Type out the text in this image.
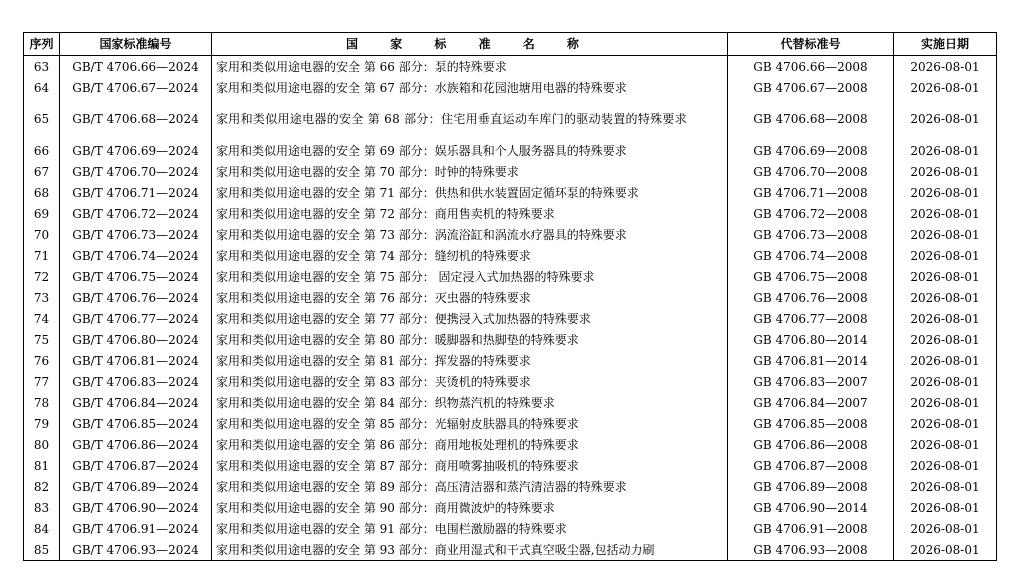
序列	国家标准编号	国 家 标 准 名 称	代替标准号	实施日期
63	GB/T 4706.66—2024	家用和类似用途电器的安全 第 66 部分：泵的特殊要求	GB 4706.66—2008	2026-08-01
64	GB/T 4706.67—2024	家用和类似用途电器的安全 第 67 部分：水族箱和花园池塘用电器的特殊要求	GB 4706.67—2008	2026-08-01
65	GB/T 4706.68—2024	家用和类似用途电器的安全 第 68 部分：住宅用垂直运动车库门的驱动装置的特殊要求	GB 4706.68—2008	2026-08-01
66	GB/T 4706.69—2024	家用和类似用途电器的安全 第 69 部分：娱乐器具和个人服务器具的特殊要求	GB 4706.69—2008	2026-08-01
67	GB/T 4706.70—2024	家用和类似用途电器的安全 第 70 部分：时钟的特殊要求	GB 4706.70—2008	2026-08-01
68	GB/T 4706.71—2024	家用和类似用途电器的安全 第 71 部分：供热和供水装置固定循环泵的特殊要求	GB 4706.71—2008	2026-08-01
69	GB/T 4706.72—2024	家用和类似用途电器的安全 第 72 部分：商用售卖机的特殊要求	GB 4706.72—2008	2026-08-01
70	GB/T 4706.73—2024	家用和类似用途电器的安全 第 73 部分：涡流浴缸和涡流水疗器具的特殊要求	GB 4706.73—2008	2026-08-01
71	GB/T 4706.74—2024	家用和类似用途电器的安全 第 74 部分：缝纫机的特殊要求	GB 4706.74—2008	2026-08-01
72	GB/T 4706.75—2024	家用和类似用途电器的安全 第 75 部分： 固定浸入式加热器的特殊要求	GB 4706.75—2008	2026-08-01
73	GB/T 4706.76—2024	家用和类似用途电器的安全 第 76 部分：灭虫器的特殊要求	GB 4706.76—2008	2026-08-01
74	GB/T 4706.77—2024	家用和类似用途电器的安全 第 77 部分：便携浸入式加热器的特殊要求	GB 4706.77—2008	2026-08-01
75	GB/T 4706.80—2024	家用和类似用途电器的安全 第 80 部分：暖脚器和热脚垫的特殊要求	GB 4706.80—2014	2026-08-01
76	GB/T 4706.81—2024	家用和类似用途电器的安全 第 81 部分：挥发器的特殊要求	GB 4706.81—2014	2026-08-01
77	GB/T 4706.83—2024	家用和类似用途电器的安全 第 83 部分：夹烫机的特殊要求	GB 4706.83—2007	2026-08-01
78	GB/T 4706.84—2024	家用和类似用途电器的安全 第 84 部分：织物蒸汽机的特殊要求	GB 4706.84—2007	2026-08-01
79	GB/T 4706.85—2024	家用和类似用途电器的安全 第 85 部分：光辐射皮肤器具的特殊要求	GB 4706.85—2008	2026-08-01
80	GB/T 4706.86—2024	家用和类似用途电器的安全 第 86 部分：商用地板处理机的特殊要求	GB 4706.86—2008	2026-08-01
81	GB/T 4706.87—2024	家用和类似用途电器的安全 第 87 部分：商用喷雾抽吸机的特殊要求	GB 4706.87—2008	2026-08-01
82	GB/T 4706.89—2024	家用和类似用途电器的安全 第 89 部分：高压清洁器和蒸汽清洁器的特殊要求	GB 4706.89—2008	2026-08-01
83	GB/T 4706.90—2024	家用和类似用途电器的安全 第 90 部分：商用微波炉的特殊要求	GB 4706.90—2014	2026-08-01
84	GB/T 4706.91—2024	家用和类似用途电器的安全 第 91 部分：电围栏激励器的特殊要求	GB 4706.91—2008	2026-08-01
85	GB/T 4706.93—2024	家用和类似用途电器的安全 第 93 部分：商业用湿式和干式真空吸尘器,包括动力刷	GB 4706.93—2008	2026-08-01
